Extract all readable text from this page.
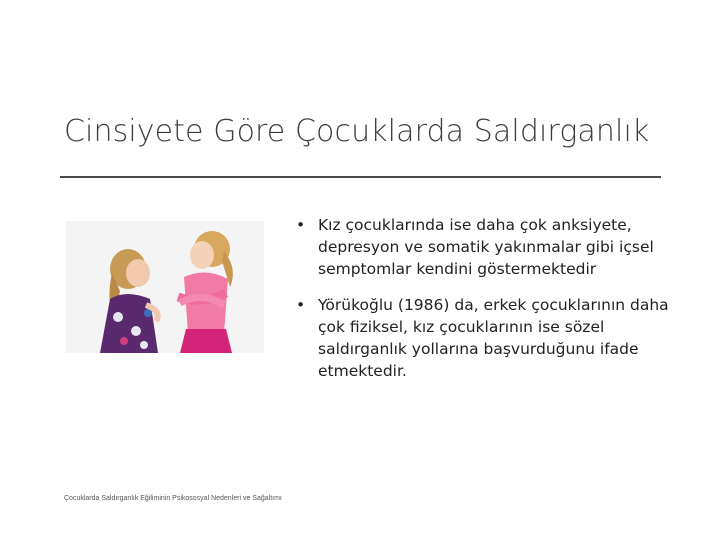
Cinsiyete Göre Çocuklarda Saldırganlık
• Kız çocuklarında ise daha çok anksiyete, depresyon ve somatik yakınmalar gibi içsel semptomlar kendini göstermektedir
• Yörükoğlu (1986) da, erkek çocuklarının daha çok fiziksel, kız çocuklarının ise sözel saldırganlık yollarına başvurduğunu ifade etmektedir.
Çocuklarda Saldırganlık Eğiliminin Psikososyal Nedenleri ve Sağaltımı
